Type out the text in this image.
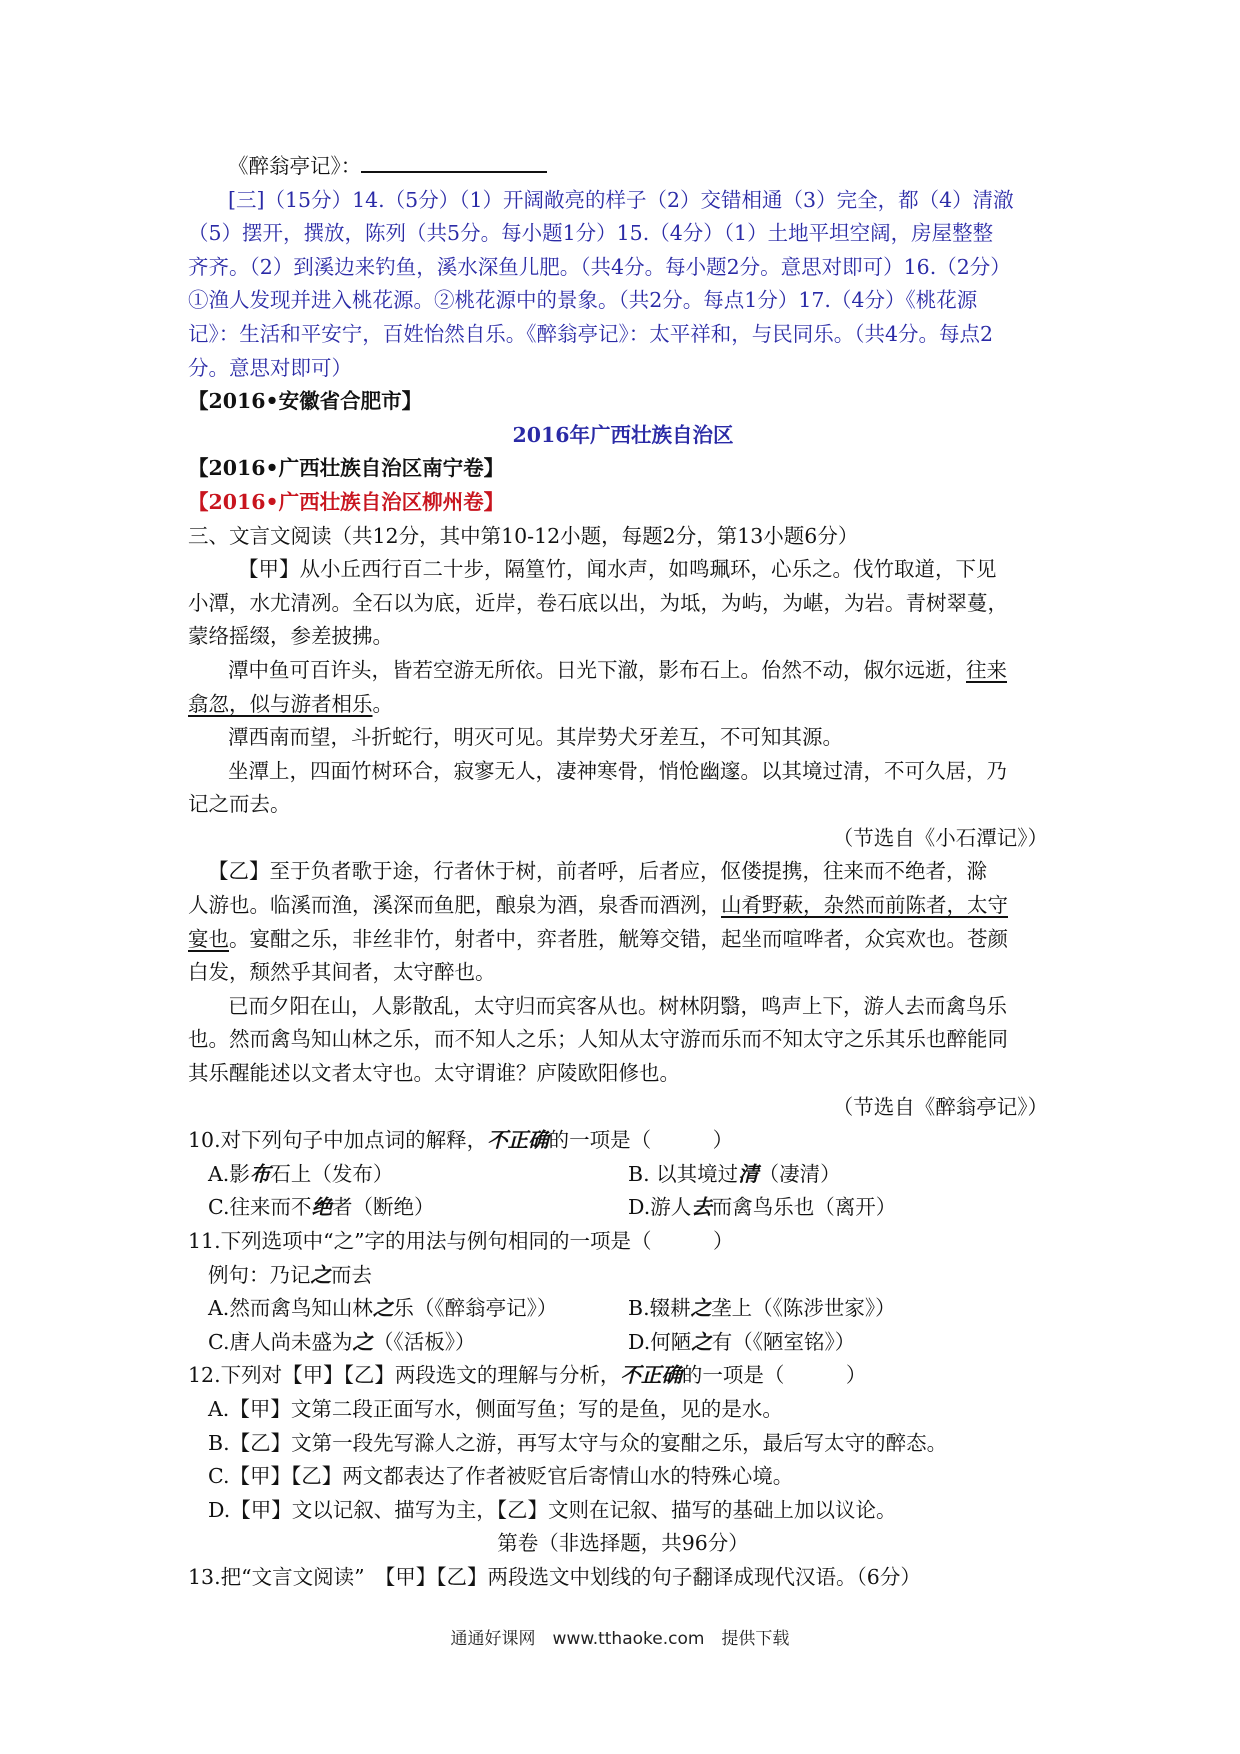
《醉翁亭记》：
[三]（15分）14.（5分）（1）开阔敞亮的样子（2）交错相通（3）完全，都（4）清澈
（5）摆开，撰放，陈列（共5分。每小题1分）15.（4分）（1）土地平坦空阔，房屋整整
齐齐。（2）到溪边来钓鱼，溪水深鱼儿肥。（共4分。每小题2分。意思对即可）16.（2分）
①渔人发现并进入桃花源。②桃花源中的景象。（共2分。每点1分）17.（4分）《桃花源
记》：生活和平安宁，百姓怡然自乐。《醉翁亭记》：太平祥和，与民同乐。（共4分。每点2
分。意思对即可）
【2016•安徽省合肥市】
2016年广西壮族自治区
【2016•广西壮族自治区南宁卷】
【2016•广西壮族自治区柳州卷】
三、文言文阅读（共12分，其中第10-12小题，每题2分，第13小题6分）
【甲】从小丘西行百二十步，隔篁竹，闻水声，如鸣珮环，心乐之。伐竹取道，下见
小潭，水尤清冽。全石以为底，近岸，卷石底以出，为坻，为屿，为嵁，为岩。青树翠蔓，
蒙络摇缀，参差披拂。
潭中鱼可百许头，皆若空游无所依。日光下澈，影布石上。佁然不动，俶尔远逝，往来
翕忽，似与游者相乐。
潭西南而望，斗折蛇行，明灭可见。其岸势犬牙差互，不可知其源。
坐潭上，四面竹树环合，寂寥无人，凄神寒骨，悄怆幽邃。以其境过清，不可久居，乃
记之而去。
（节选自《小石潭记》）
【乙】至于负者歌于途，行者休于树，前者呼，后者应，伛偻提携，往来而不绝者，滁
人游也。临溪而渔，溪深而鱼肥，酿泉为酒，泉香而酒洌，山肴野蔌，杂然而前陈者，太守
宴也。宴酣之乐，非丝非竹，射者中，弈者胜，觥筹交错，起坐而喧哗者，众宾欢也。苍颜
白发，颓然乎其间者，太守醉也。
已而夕阳在山，人影散乱，太守归而宾客从也。树林阴翳，鸣声上下，游人去而禽鸟乐
也。然而禽鸟知山林之乐，而不知人之乐；人知从太守游而乐而不知太守之乐其乐也醉能同
其乐醒能述以文者太守也。太守谓谁？庐陵欧阳修也。
（节选自《醉翁亭记》）
10.对下列句子中加点词的解释，不正确的一项是（　　　）
A.影布石上（发布）	B. 以其境过清（凄清）
C.往来而不绝者（断绝）	D.游人去而禽鸟乐也（离开）
11.下列选项中“之”字的用法与例句相同的一项是（　　　）
例句：乃记之而去
A.然而禽鸟知山林之乐（《醉翁亭记》）	B.辍耕之垄上（《陈涉世家》）
C.唐人尚未盛为之（《活板》）	D.何陋之有（《陋室铭》）
12.下列对【甲】【乙】两段选文的理解与分析，不正确的一项是（　　　）
A.【甲】文第二段正面写水，侧面写鱼；写的是鱼，见的是水。
B.【乙】文第一段先写滁人之游，再写太守与众的宴酣之乐，最后写太守的醉态。
C.【甲】【乙】两文都表达了作者被贬官后寄情山水的特殊心境。
D.【甲】文以记叙、描写为主，【乙】文则在记叙、描写的基础上加以议论。
第卷（非选择题，共96分）
13.把“文言文阅读”　【甲】【乙】两段选文中划线的句子翻译成现代汉语。（6分）
通通好课网　www.tthaoke.com　提供下载
